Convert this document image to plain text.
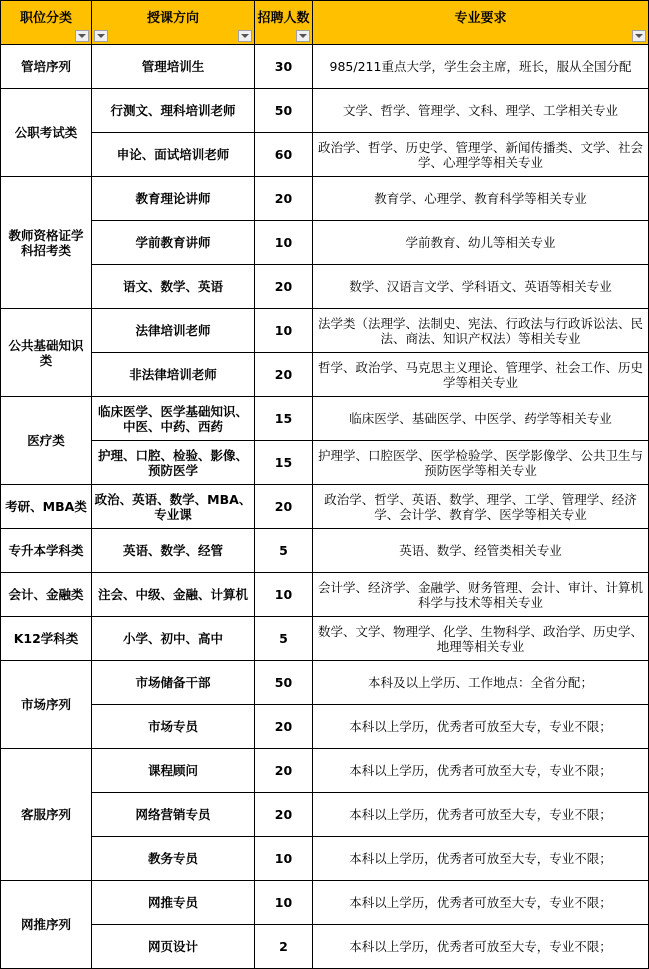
职位分类	授课方向	招聘人数	专业要求

管培序列	管理培训生	30	985/211重点大学，学生会主席，班长，服从全国分配
公职考试类	行测文、理科培训老师	50	文学、哲学、管理学、文科、理学、工学相关专业
	申论、面试培训老师	60	政治学、哲学、历史学、管理学、新闻传播类、文学、社会学、心理学等相关专业
教师资格证学科招考类	教育理论讲师	20	教育学、心理学、教育科学等相关专业
	学前教育讲师	10	学前教育、幼儿等相关专业
	语文、数学、英语	20	数学、汉语言文学、学科语文、英语等相关专业
公共基础知识类	法律培训老师	10	法学类（法理学、法制史、宪法、行政法与行政诉讼法、民法、商法、知识产权法）等相关专业
	非法律培训老师	20	哲学、政治学、马克思主义理论、管理学、社会工作、历史学等相关专业
医疗类	临床医学、医学基础知识、中医、中药、西药	15	临床医学、基础医学、中医学、药学等相关专业
	护理、口腔、检验、影像、预防医学	15	护理学、口腔医学、医学检验学、医学影像学、公共卫生与预防医学等相关专业
考研、MBA类	政治、英语、数学、MBA、专业课	20	政治学、哲学、英语、数学、理学、工学、管理学、经济学、会计学、教育学、医学等相关专业
专升本学科类	英语、数学、经管	5	英语、数学、经管类相关专业
会计、金融类	注会、中级、金融、计算机	10	会计学、经济学、金融学、财务管理、会计、审计、计算机科学与技术等相关专业
K12学科类	小学、初中、高中	5	数学、文学、物理学、化学、生物科学、政治学、历史学、地理等相关专业
市场序列	市场储备干部	50	本科及以上学历、工作地点：全省分配；
	市场专员	20	本科以上学历，优秀者可放至大专，专业不限；
客服序列	课程顾问	20	本科以上学历，优秀者可放至大专，专业不限；
	网络营销专员	20	本科以上学历，优秀者可放至大专，专业不限；
	教务专员	10	本科以上学历，优秀者可放至大专，专业不限；
网推序列	网推专员	10	本科以上学历，优秀者可放至大专，专业不限；
	网页设计	2	本科以上学历，优秀者可放至大专，专业不限；
